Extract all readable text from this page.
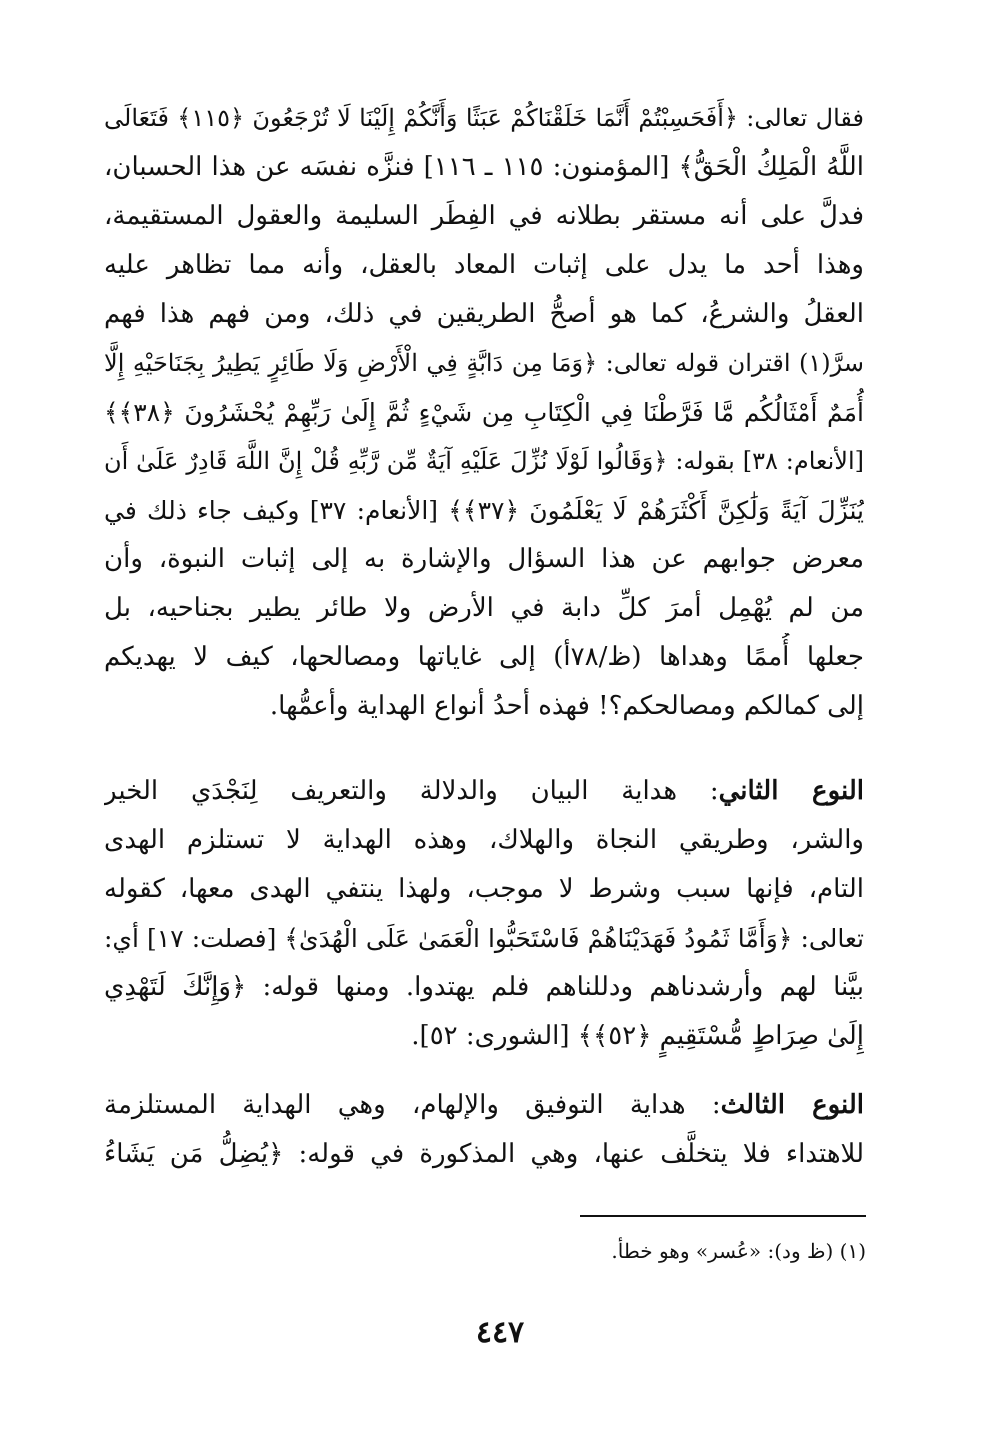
فقال تعالى: ﴿أَفَحَسِبْتُمْ أَنَّمَا خَلَقْنَاكُمْ عَبَثًا وَأَنَّكُمْ إِلَيْنَا لَا تُرْجَعُونَ ﴿١١٥﴾ فَتَعَالَى
اللَّهُ الْمَلِكُ الْحَقُّ﴾ [المؤمنون: ١١٥ ـ ١١٦] فنزَّه نفسَه عن هذا الحسبان،
فدلَّ على أنه مستقر بطلانه في الفِطَر السليمة والعقول المستقيمة،
وهذا أحد ما يدل على إثبات المعاد بالعقل، وأنه مما تظاهر عليه
العقلُ والشرعُ، كما هو أصحُّ الطريقين في ذلك، ومن فهم هذا فهم
سرَّ(١) اقتران قوله تعالى: ﴿وَمَا مِن دَابَّةٍ فِي الْأَرْضِ وَلَا طَائِرٍ يَطِيرُ بِجَنَاحَيْهِ إِلَّا
أُمَمٌ أَمْثَالُكُم مَّا فَرَّطْنَا فِي الْكِتَابِ مِن شَيْءٍ ثُمَّ إِلَىٰ رَبِّهِمْ يُحْشَرُونَ ﴿٣٨﴾﴾
[الأنعام: ٣٨] بقوله: ﴿وَقَالُوا لَوْلَا نُزِّلَ عَلَيْهِ آيَةٌ مِّن رَّبِّهِ قُلْ إِنَّ اللَّهَ قَادِرٌ عَلَىٰ أَن
يُنَزِّلَ آيَةً وَلَٰكِنَّ أَكْثَرَهُمْ لَا يَعْلَمُونَ ﴿٣٧﴾﴾ [الأنعام: ٣٧] وكيف جاء ذلك في
معرض جوابهم عن هذا السؤال والإشارة به إلى إثبات النبوة، وأن
من لم يُهْمِل أمرَ كلِّ دابة في الأرض ولا طائر يطير بجناحيه، بل
جعلها أُممًا وهداها (ظ/٧٨أ) إلى غاياتها ومصالحها، كيف لا يهديكم
إلى كمالكم ومصالحكم؟! فهذه أحدُ أنواع الهداية وأعمُّها.
النوع الثاني: هداية البيان والدلالة والتعريف لِنَجْدَي الخير
والشر، وطريقي النجاة والهلاك، وهذه الهداية لا تستلزم الهدى
التام، فإنها سبب وشرط لا موجب، ولهذا ينتفي الهدى معها، كقوله
تعالى: ﴿وَأَمَّا ثَمُودُ فَهَدَيْنَاهُمْ فَاسْتَحَبُّوا الْعَمَىٰ عَلَى الْهُدَىٰ﴾ [فصلت: ١٧] أي:
بيَّنا لهم وأرشدناهم ودللناهم فلم يهتدوا. ومنها قوله: ﴿وَإِنَّكَ لَتَهْدِي
إِلَىٰ صِرَاطٍ مُّسْتَقِيمٍ ﴿٥٢﴾﴾ [الشورى: ٥٢].
النوع الثالث: هداية التوفيق والإلهام، وهي الهداية المستلزمة
للاهتداء فلا يتخلَّف عنها، وهي المذكورة في قوله: ﴿يُضِلُّ مَن يَشَاءُ
(١) (ظ ود): «عُسر» وهو خطأ.
٤٤٧
